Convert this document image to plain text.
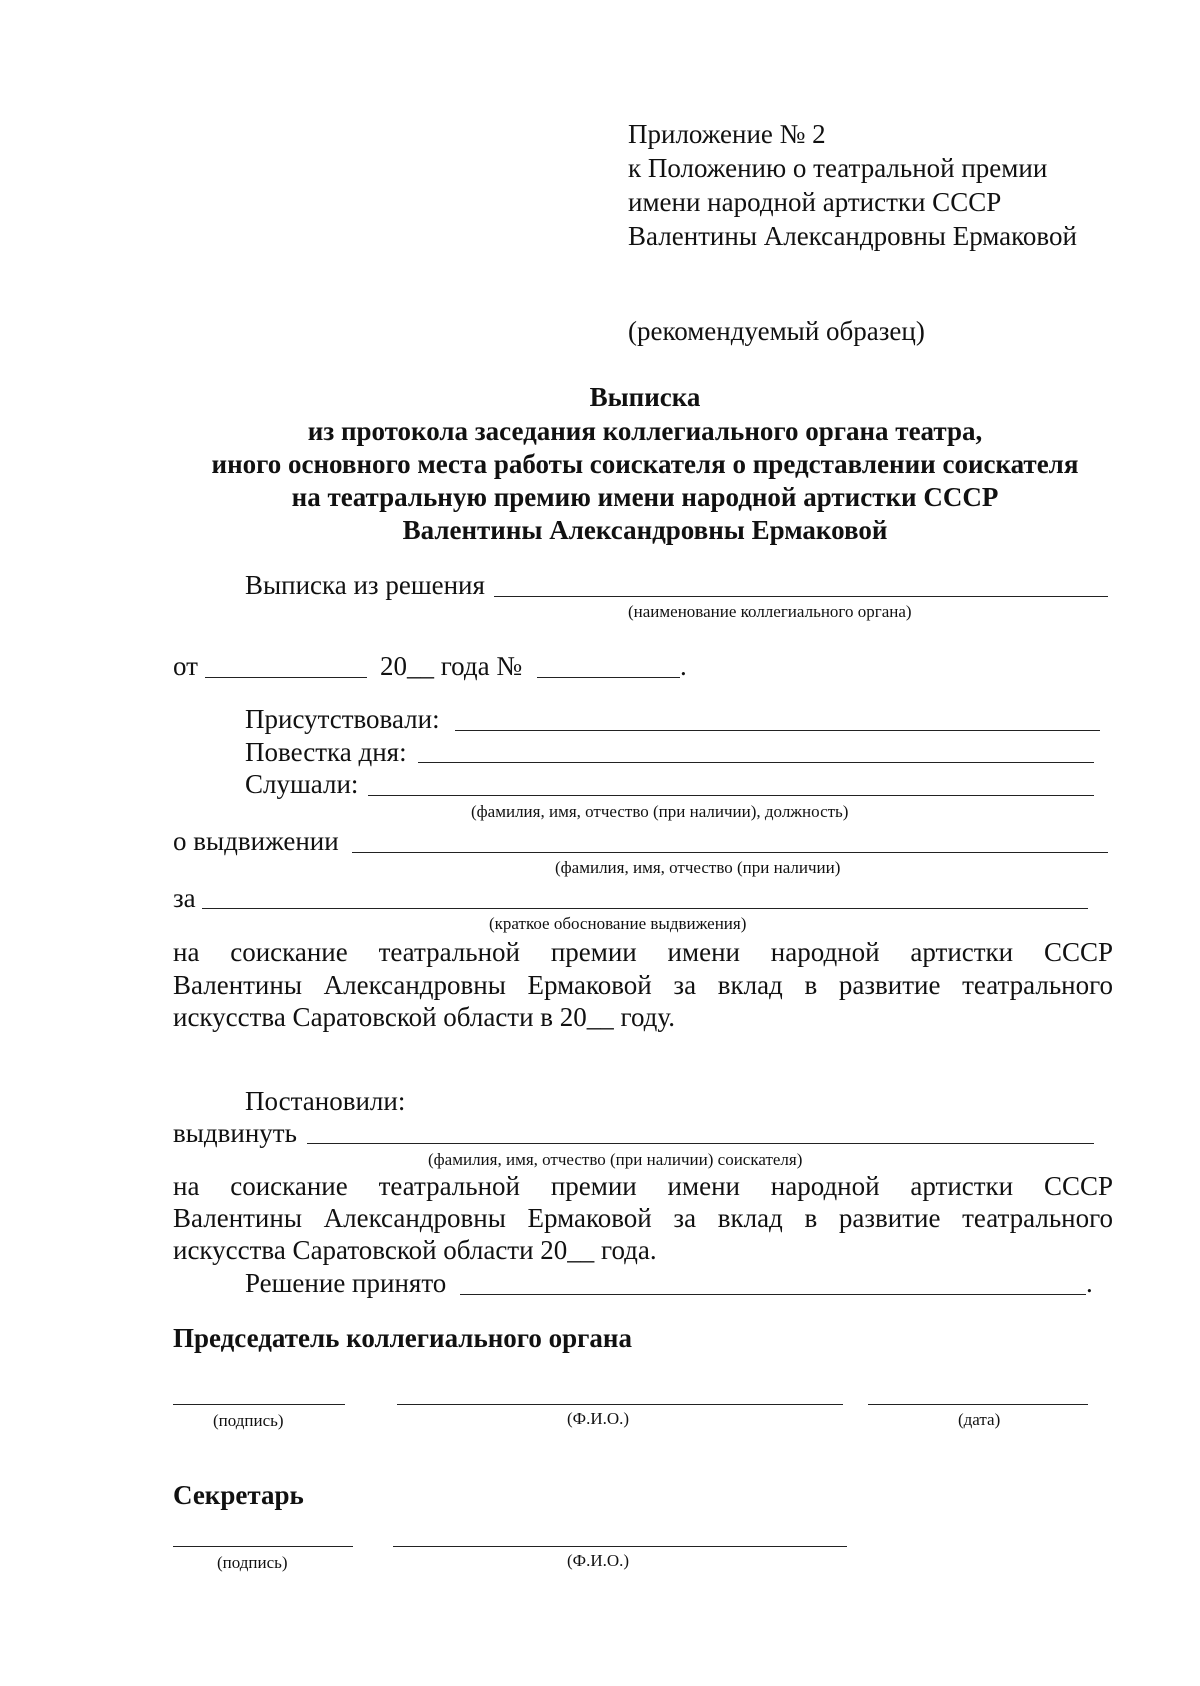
Приложение № 2
к Положению о театральной премии
имени народной артистки СССР
Валентины Александровны Ермаковой
(рекомендуемый образец)
Выписка
из протокола заседания коллегиального органа театра,
иного основного места работы соискателя о представлении соискателя
на театральную премию имени народной артистки СССР
Валентины Александровны Ермаковой
Выписка из решения
(наименование коллегиального органа)
от	20__ года №	.
Присутствовали:
Повестка дня:
Слушали:
(фамилия, имя, отчество (при наличии), должность)
о выдвижении
(фамилия, имя, отчество (при наличии)
за
(краткое обоснование выдвижения)
на соискание театральной премии имени народной артистки СССР
Валентины Александровны Ермаковой за вклад в развитие театрального
искусства Саратовской области в 20__ году.
Постановили:
выдвинуть
(фамилия, имя, отчество (при наличии) соискателя)
на соискание театральной премии имени народной артистки СССР
Валентины Александровны Ермаковой за вклад в развитие театрального
искусства Саратовской области 20__ года.
Решение принято	.
Председатель коллегиального органа
(подпись)	(Ф.И.О.)	(дата)
Секретарь
(подпись)	(Ф.И.О.)
